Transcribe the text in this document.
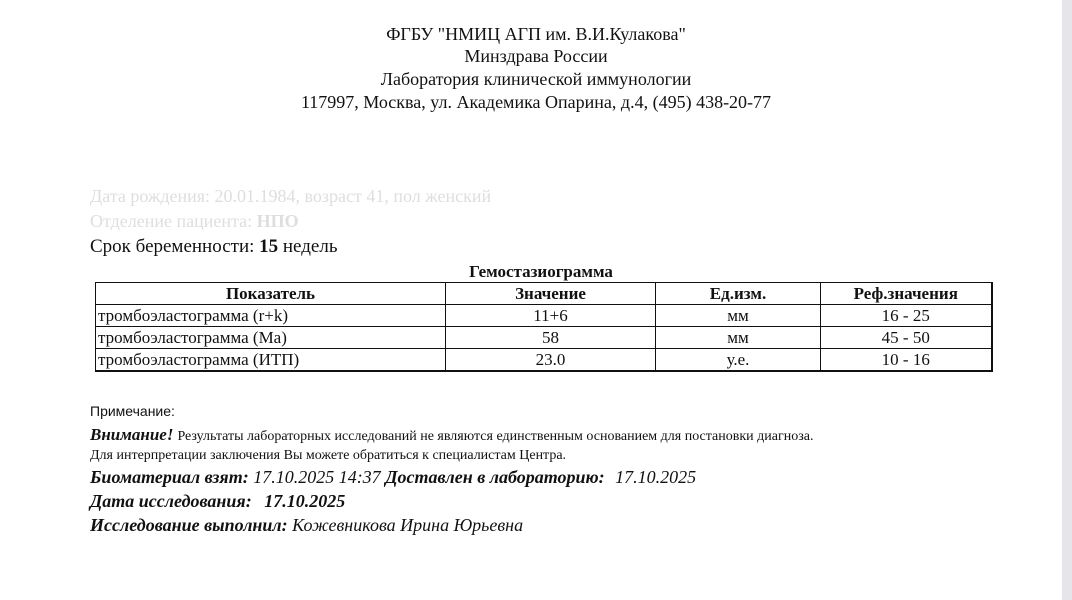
ФГБУ "НМИЦ АГП им. В.И.Кулакова"
Минздрава России
Лаборатория клинической иммунологии
117997, Москва, ул. Академика Опарина, д.4, (495) 438-20-77
Дата рождения: 20.01.1984, возраст 41, пол женский
Отделение пациента: НПО
Срок беременности: 15 недель
Гемостазиограмма
Показатель	Значение	Ед.изм.	Реф.значения
тромбоэластограмма (r+k)	11+6	мм	16 - 25
тромбоэластограмма (Ма)	58	мм	45 - 50
тромбоэластограмма (ИТП)	23.0	у.е.	10 - 16
Примечание:
Внимание! Результаты лабораторных исследований не являются единственным основанием для постановки диагноза.
Для интерпретации заключения Вы можете обратиться к специалистам Центра.
Биоматериал взят: 17.10.2025 14:37 Доставлен в лабораторию: 17.10.2025
Дата исследования: 17.10.2025
Исследование выполнил: Кожевникова Ирина Юрьевна
